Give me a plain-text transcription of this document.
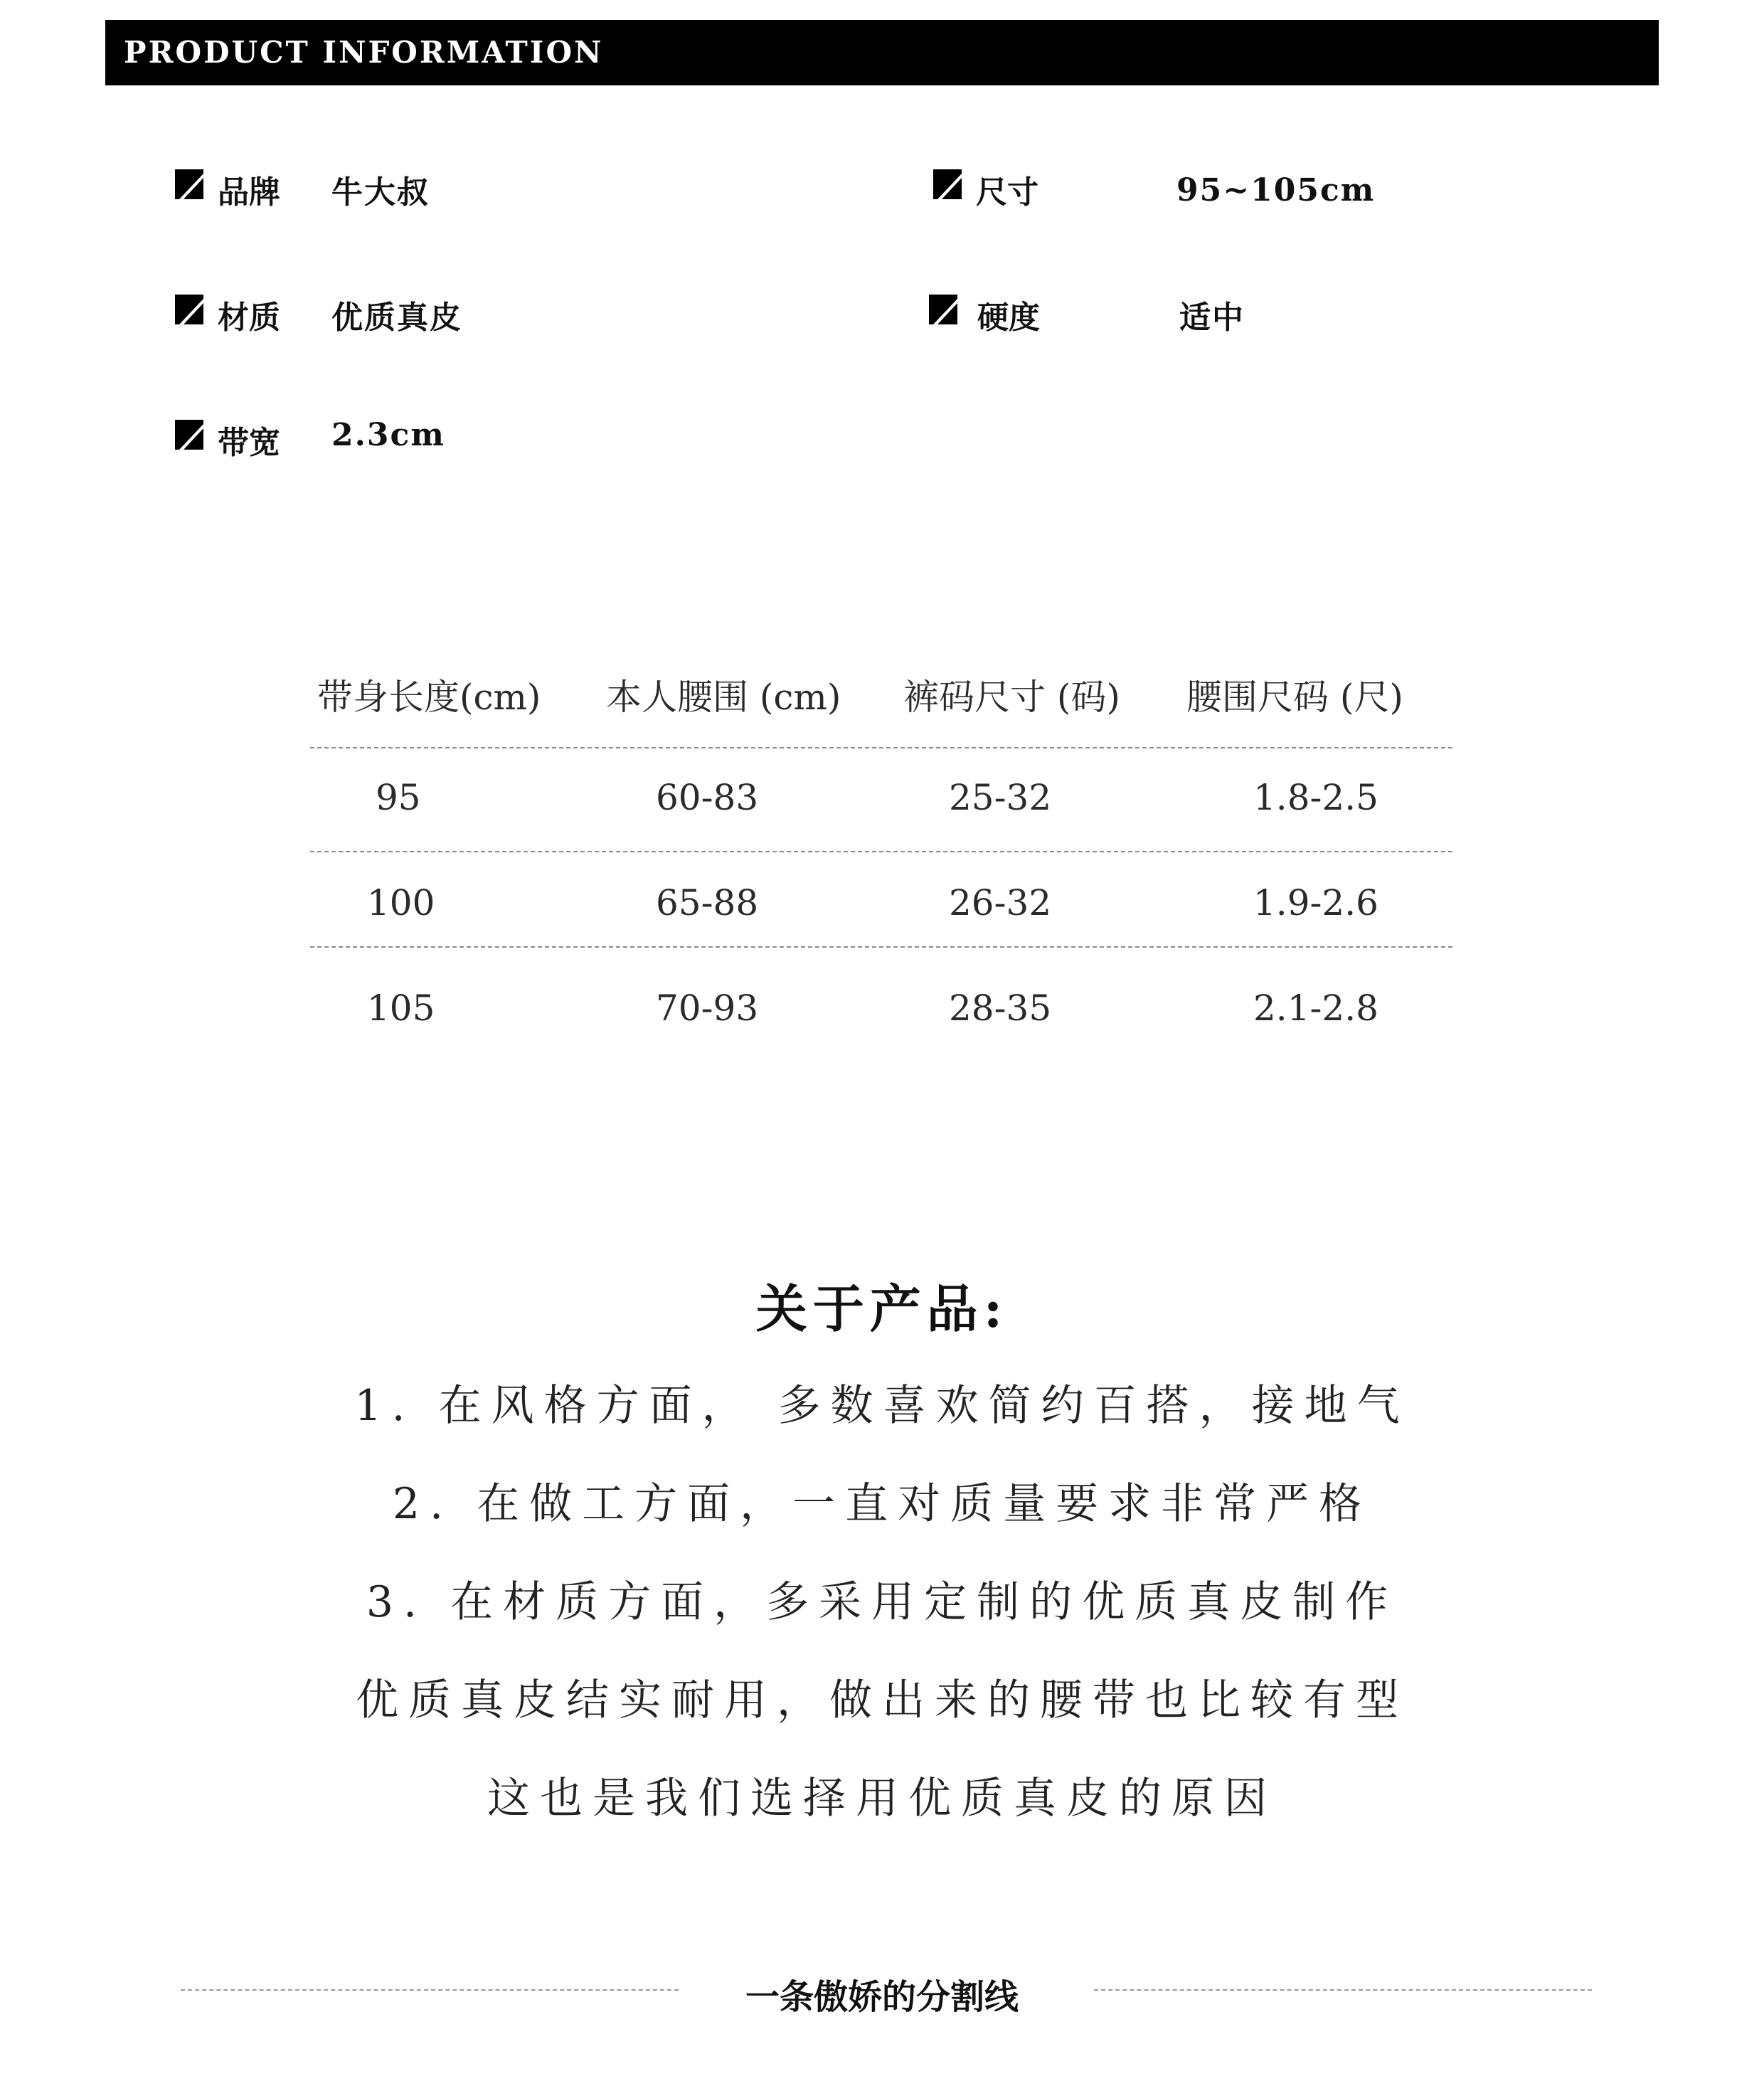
PRODUCT INFORMATION
品牌 牛大叔	尺寸	95~105cm
材质 优质真皮	硬度	适中
带宽 2.3cm
带身长度(cm) 本人腰围 (cm) 裤码尺寸 (码) 腰围尺码 (尺)
95	60-83	25-32	1.8-2.5
100	65-88	26-32	1.9-2.6
105	70-93	28-35	2.1-2.8
关于产品:
1. 在风格方面， 多数喜欢简约百搭，接地气
2. 在做工方面，一直对质量要求非常严格
3. 在材质方面，多采用定制的优质真皮制作
优质真皮结实耐用，做出来的腰带也比较有型
这也是我们选择用优质真皮的原因
一条傲娇的分割线
